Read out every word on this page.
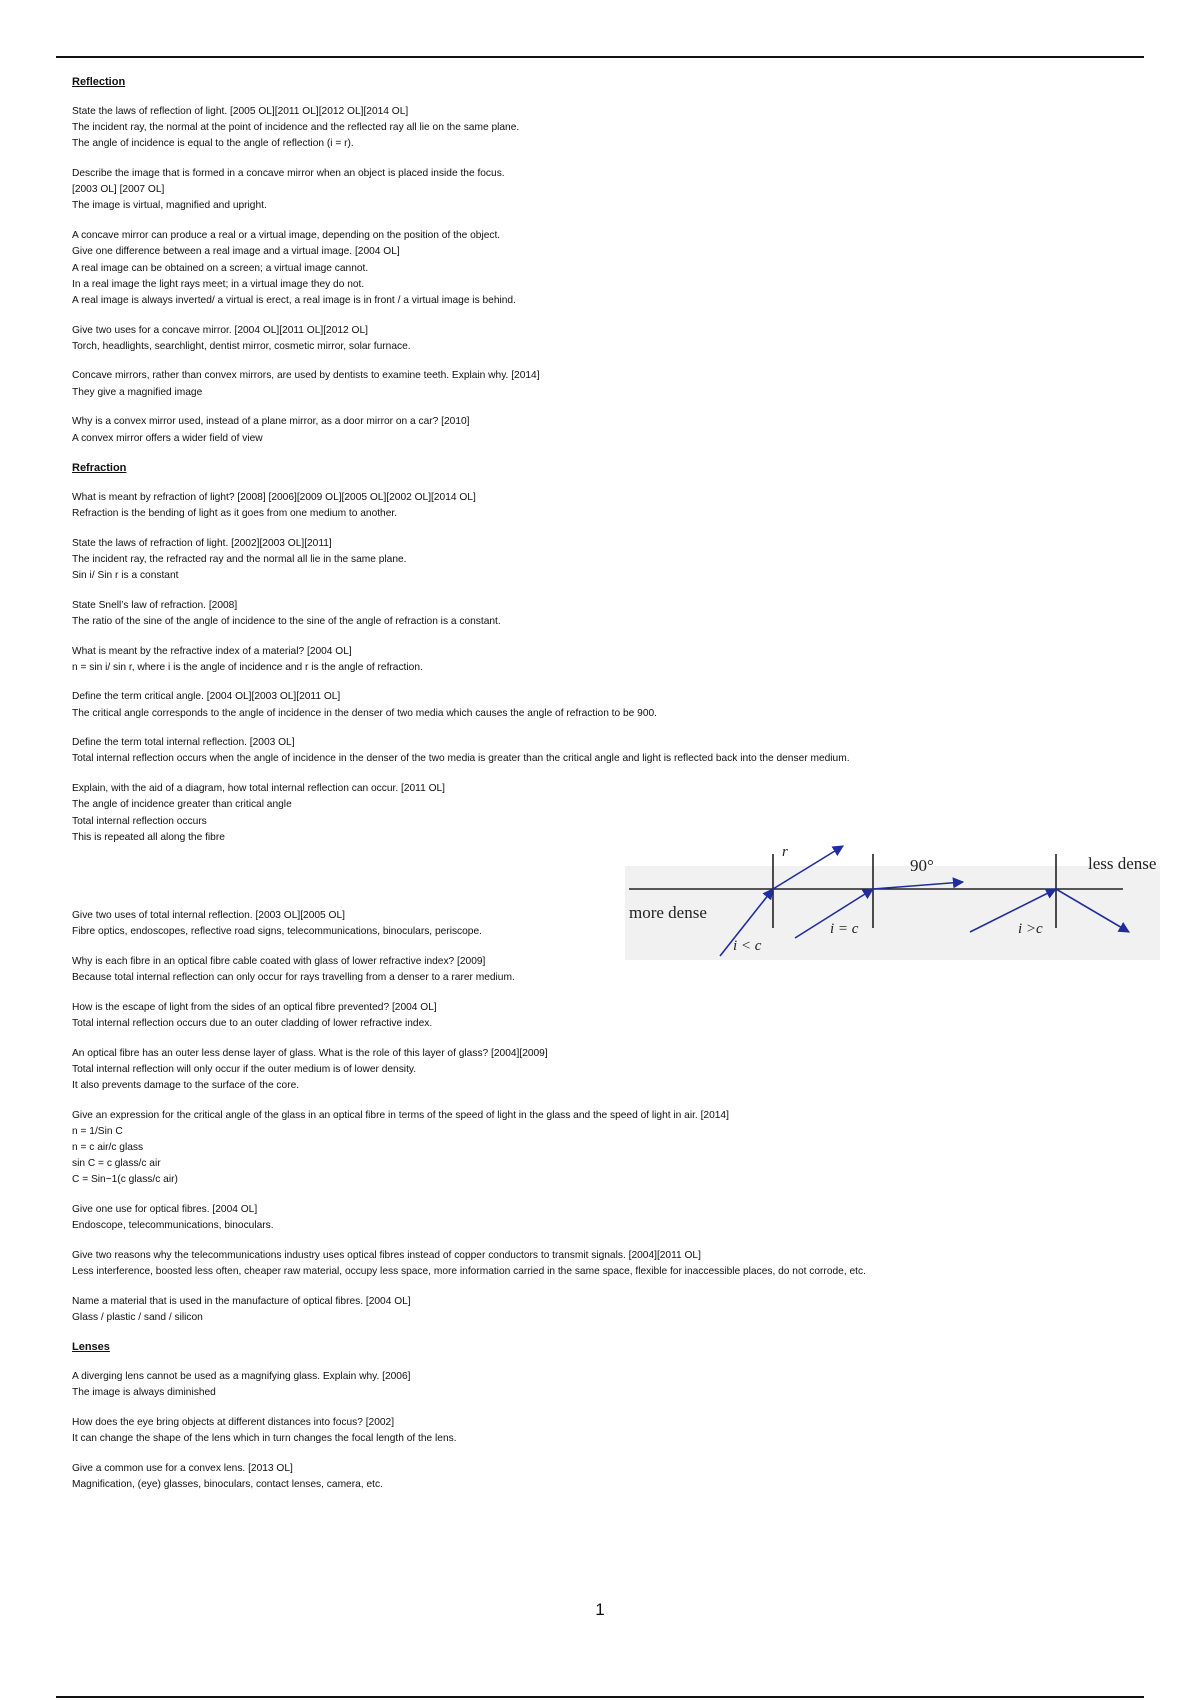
Reflection
State the laws of reflection of light. [2005 OL][2011 OL][2012 OL][2014 OL]
The incident ray, the normal at the point of incidence and the reflected ray all lie on the same plane.
The angle of incidence is equal to the angle of reflection (i = r).
Describe the image that is formed in a concave mirror when an object is placed inside the focus.
[2003 OL] [2007 OL]
The image is virtual, magnified and upright.
A concave mirror can produce a real or a virtual image, depending on the position of the object.
Give one difference between a real image and a virtual image. [2004 OL]
A real image can be obtained on a screen; a virtual image cannot.
In a real image the light rays meet; in a virtual image they do not.
A real image is always inverted/ a virtual is erect, a real image is in front / a virtual image is behind.
Give two uses for a concave mirror. [2004 OL][2011 OL][2012 OL]
Torch, headlights, searchlight, dentist mirror, cosmetic mirror, solar furnace.
Concave mirrors, rather than convex mirrors, are used by dentists to examine teeth. Explain why. [2014]
They give a magnified image
Why is a convex mirror used, instead of a plane mirror, as a door mirror on a car? [2010]
A convex mirror offers a wider field of view
Refraction
What is meant by refraction of light? [2008] [2006][2009 OL][2005 OL][2002 OL][2014 OL]
Refraction is the bending of light as it goes from one medium to another.
State the laws of refraction of light. [2002][2003 OL][2011]
The incident ray, the refracted ray and the normal all lie in the same plane.
Sin i/ Sin r is a constant
State Snell’s law of refraction. [2008]
The ratio of the sine of the angle of incidence to the sine of the angle of refraction is a constant.
What is meant by the refractive index of a material? [2004 OL]
n = sin i/ sin r, where i is the angle of incidence and r is the angle of refraction.
Define the term critical angle. [2004 OL][2003 OL][2011 OL]
The critical angle corresponds to the angle of incidence in the denser of two media which causes the angle of refraction to be 900.
Define the term total internal reflection. [2003 OL]
Total internal reflection occurs when the angle of incidence in the denser of the two media is greater than the critical angle and light is reflected back into the denser medium.
Explain, with the aid of a diagram, how total internal reflection can occur. [2011 OL]
The angle of incidence greater than critical angle
Total internal reflection occurs
This is repeated all along the fibre
Give two uses of total internal reflection. [2003 OL][2005 OL]
Fibre optics, endoscopes, reflective road signs, telecommunications, binoculars, periscope.
Why is each fibre in an optical fibre cable coated with glass of lower refractive index? [2009]
Because total internal reflection can only occur for rays travelling from a denser to a rarer medium.
How is the escape of light from the sides of an optical fibre prevented? [2004 OL]
Total internal reflection occurs due to an outer cladding of lower refractive index.
An optical fibre has an outer less dense layer of glass. What is the role of this layer of glass? [2004][2009]
Total internal reflection will only occur if the outer medium is of lower density.
It also prevents damage to the surface of the core.
Give an expression for the critical angle of the glass in an optical fibre in terms of the speed of light in the glass and the speed of light in air. [2014]
n = 1/Sin C
n = c air/c glass
sin C = c glass/c air
C = Sin−1(c glass/c air)
Give one use for optical fibres. [2004 OL]
Endoscope, telecommunications, binoculars.
Give two reasons why the telecommunications industry uses optical fibres instead of copper conductors to transmit signals. [2004][2011 OL]
Less interference, boosted less often, cheaper raw material, occupy less space, more information carried in the same space, flexible for inaccessible places, do not corrode, etc.
Name a material that is used in the manufacture of optical fibres. [2004 OL]
Glass / plastic / sand / silicon
Lenses
A diverging lens cannot be used as a magnifying glass. Explain why. [2006]
The image is always diminished
How does the eye bring objects at different distances into focus? [2002]
It can change the shape of the lens which in turn changes the focal length of the lens.
Give a common use for a convex lens. [2013 OL]
Magnification, (eye) glasses, binoculars, contact lenses, camera, etc.
more dense
less dense
r
90°
i < c
i = c	i >c
1
